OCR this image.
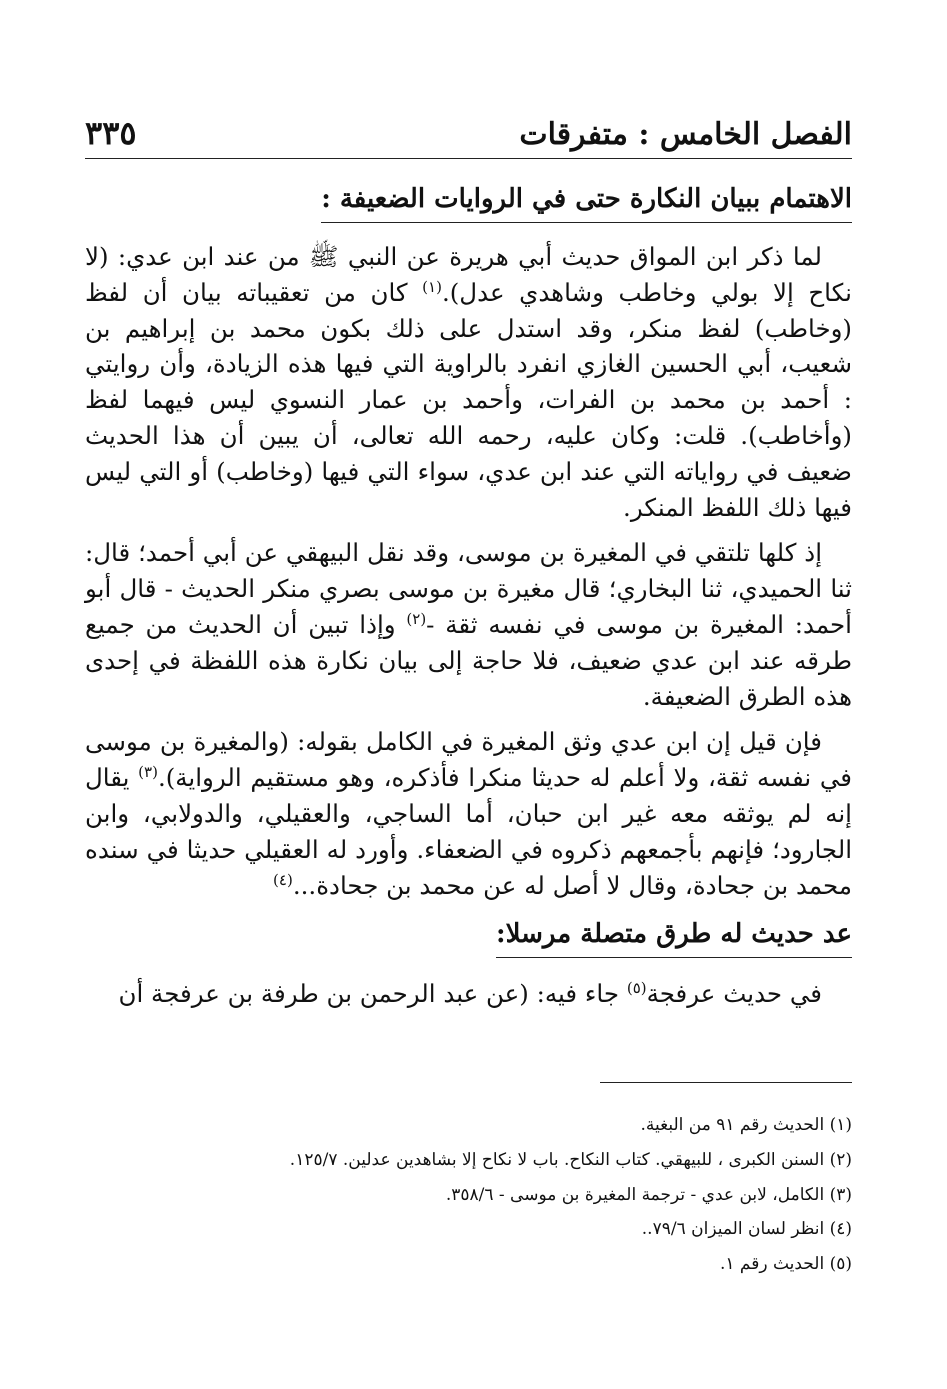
الفصل الخامس : متفرقات
٣٣٥
الاهتمام ببيان النكارة حتى في الروايات الضعيفة :

لما ذكر ابن المواق حديث أبي هريرة عن النبي ﷺ من عند ابن عدي: (لا نكاح إلا بولي وخاطب وشاهدي عدل).$^{(١)}$ كان من تعقيباته بيان أن لفظ (وخاطب) لفظ منكر، وقد استدل على ذلك بكون محمد بن إبراهيم بن شعيب، أبي الحسين الغازي انفرد بالراوية التي فيها هذه الزيادة، وأن روايتي : أحمد بن محمد بن الفرات، وأحمد بن عمار النسوي ليس فيهما لفظ (وأخاطب). قلت: وكان عليه، رحمه الله تعالى، أن يبين أن هذا الحديث ضعيف في رواياته التي عند ابن عدي، سواء التي فيها (وخاطب) أو التي ليس فيها ذلك اللفظ المنكر.

إذ كلها تلتقي في المغيرة بن موسى، وقد نقل البيهقي عن أبي أحمد؛ قال: ثنا الحميدي، ثنا البخاري؛ قال مغيرة بن موسى بصري منكر الحديث - قال أبو أحمد: المغيرة بن موسى في نفسه ثقة -$^{(٢)}$ وإذا تبين أن الحديث من جميع طرقه عند ابن عدي ضعيف، فلا حاجة إلى بيان نكارة هذه اللفظة في إحدى هذه الطرق الضعيفة.

فإن قيل إن ابن عدي وثق المغيرة في الكامل بقوله: (والمغيرة بن موسى في نفسه ثقة، ولا أعلم له حديثا منكرا فأذكره، وهو مستقيم الرواية).$^{(٣)}$ يقال إنه لم يوثقه معه غير ابن حبان، أما الساجي، والعقيلي، والدولابي، وابن الجارود؛ فإنهم بأجمعهم ذكروه في الضعفاء. وأورد له العقيلي حديثا في سنده محمد بن جحادة، وقال لا أصل له عن محمد بن جحادة...$^{(٤)}$

عد حديث له طرق متصلة مرسلا:

في حديث عرفجة$^{(٥)}$ جاء فيه: (عن عبد الرحمن بن طرفة بن عرفجة أن

(١) الحديث رقم ٩١ من البغية.

(٢) السنن الكبرى ، للبيهقي. كتاب النكاح. باب لا نكاح إلا بشاهدين عدلين. ١٢٥/٧.

(٣) الكامل، لابن عدي - ترجمة المغيرة بن موسى - ٣٥٨/٦.

(٤) انظر لسان الميزان ٧٩/٦..

(٥) الحديث رقم ١.
